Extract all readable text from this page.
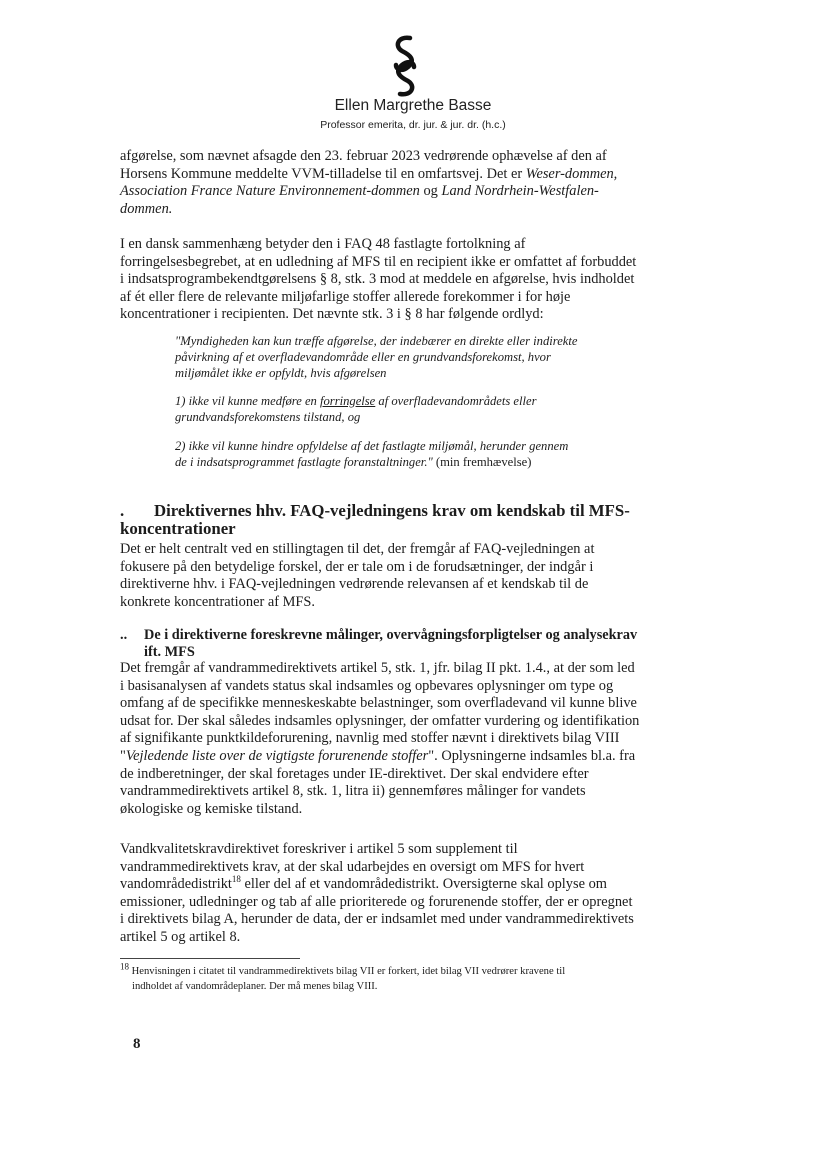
Ellen Margrethe Basse
Professor emerita, dr. jur. & jur. dr. (h.c.)
afgørelse, som nævnet afsagde den 23. februar 2023 vedrørende ophævelse af den af
Horsens Kommune meddelte VVM-tilladelse til en omfartsvej. Det er Weser-dommen,
Association France Nature Environnement-dommen og Land Nordrhein-Westfalen-
dommen.
I en dansk sammenhæng betyder den i FAQ 48 fastlagte fortolkning af
forringelsesbegrebet, at en udledning af MFS til en recipient ikke er omfattet af forbuddet
i indsatsprogrambekendtgørelsens § 8, stk. 3 mod at meddele en afgørelse, hvis indholdet
af ét eller flere de relevante miljøfarlige stoffer allerede forekommer i for høje
koncentrationer i recipienten. Det nævnte stk. 3 i § 8 har følgende ordlyd:
"Myndigheden kan kun træffe afgørelse, der indebærer en direkte eller indirekte
påvirkning af et overfladevandområde eller en grundvandsforekomst, hvor
miljømålet ikke er opfyldt, hvis afgørelsen
1) ikke vil kunne medføre en forringelse af overfladevandområdets eller
grundvandsforekomstens tilstand, og
2) ikke vil kunne hindre opfyldelse af det fastlagte miljømål, herunder gennem
de i indsatsprogrammet fastlagte foranstaltninger." (min fremhævelse)
. Direktivernes hhv. FAQ-vejledningens krav om kendskab til MFS-
koncentrationer
Det er helt centralt ved en stillingtagen til det, der fremgår af FAQ-vejledningen at
fokusere på den betydelige forskel, der er tale om i de forudsætninger, der indgår i
direktiverne hhv. i FAQ-vejledningen vedrørende relevansen af et kendskab til de
konkrete koncentrationer af MFS.
.. De i direktiverne foreskrevne målinger, overvågningsforpligtelser og analysekrav
ift. MFS
Det fremgår af vandrammedirektivets artikel 5, stk. 1, jfr. bilag II pkt. 1.4., at der som led
i basisanalysen af vandets status skal indsamles og opbevares oplysninger om type og
omfang af de specifikke menneskeskabte belastninger, som overfladevand vil kunne blive
udsat for. Der skal således indsamles oplysninger, der omfatter vurdering og identifikation
af signifikante punktkildeforurening, navnlig med stoffer nævnt i direktivets bilag VIII
"Vejledende liste over de vigtigste forurenende stoffer". Oplysningerne indsamles bl.a. fra
de indberetninger, der skal foretages under IE-direktivet. Der skal endvidere efter
vandrammedirektivets artikel 8, stk. 1, litra ii) gennemføres målinger for vandets
økologiske og kemiske tilstand.
Vandkvalitetskravdirektivet foreskriver i artikel 5 som supplement til
vandrammedirektivets krav, at der skal udarbejdes en oversigt om MFS for hvert
vandområdedistrikt$^{18}$ eller del af et vandområdedistrikt. Oversigterne skal oplyse om
emissioner, udledninger og tab af alle prioriterede og forurenende stoffer, der er opregnet
i direktivets bilag A, herunder de data, der er indsamlet med under vandrammedirektivets
artikel 5 og artikel 8.
$^{18}$ Henvisningen i citatet til vandrammedirektivets bilag VII er forkert, idet bilag VII vedrører kravene til
indholdet af vandområdeplaner. Der må menes bilag VIII.
8
